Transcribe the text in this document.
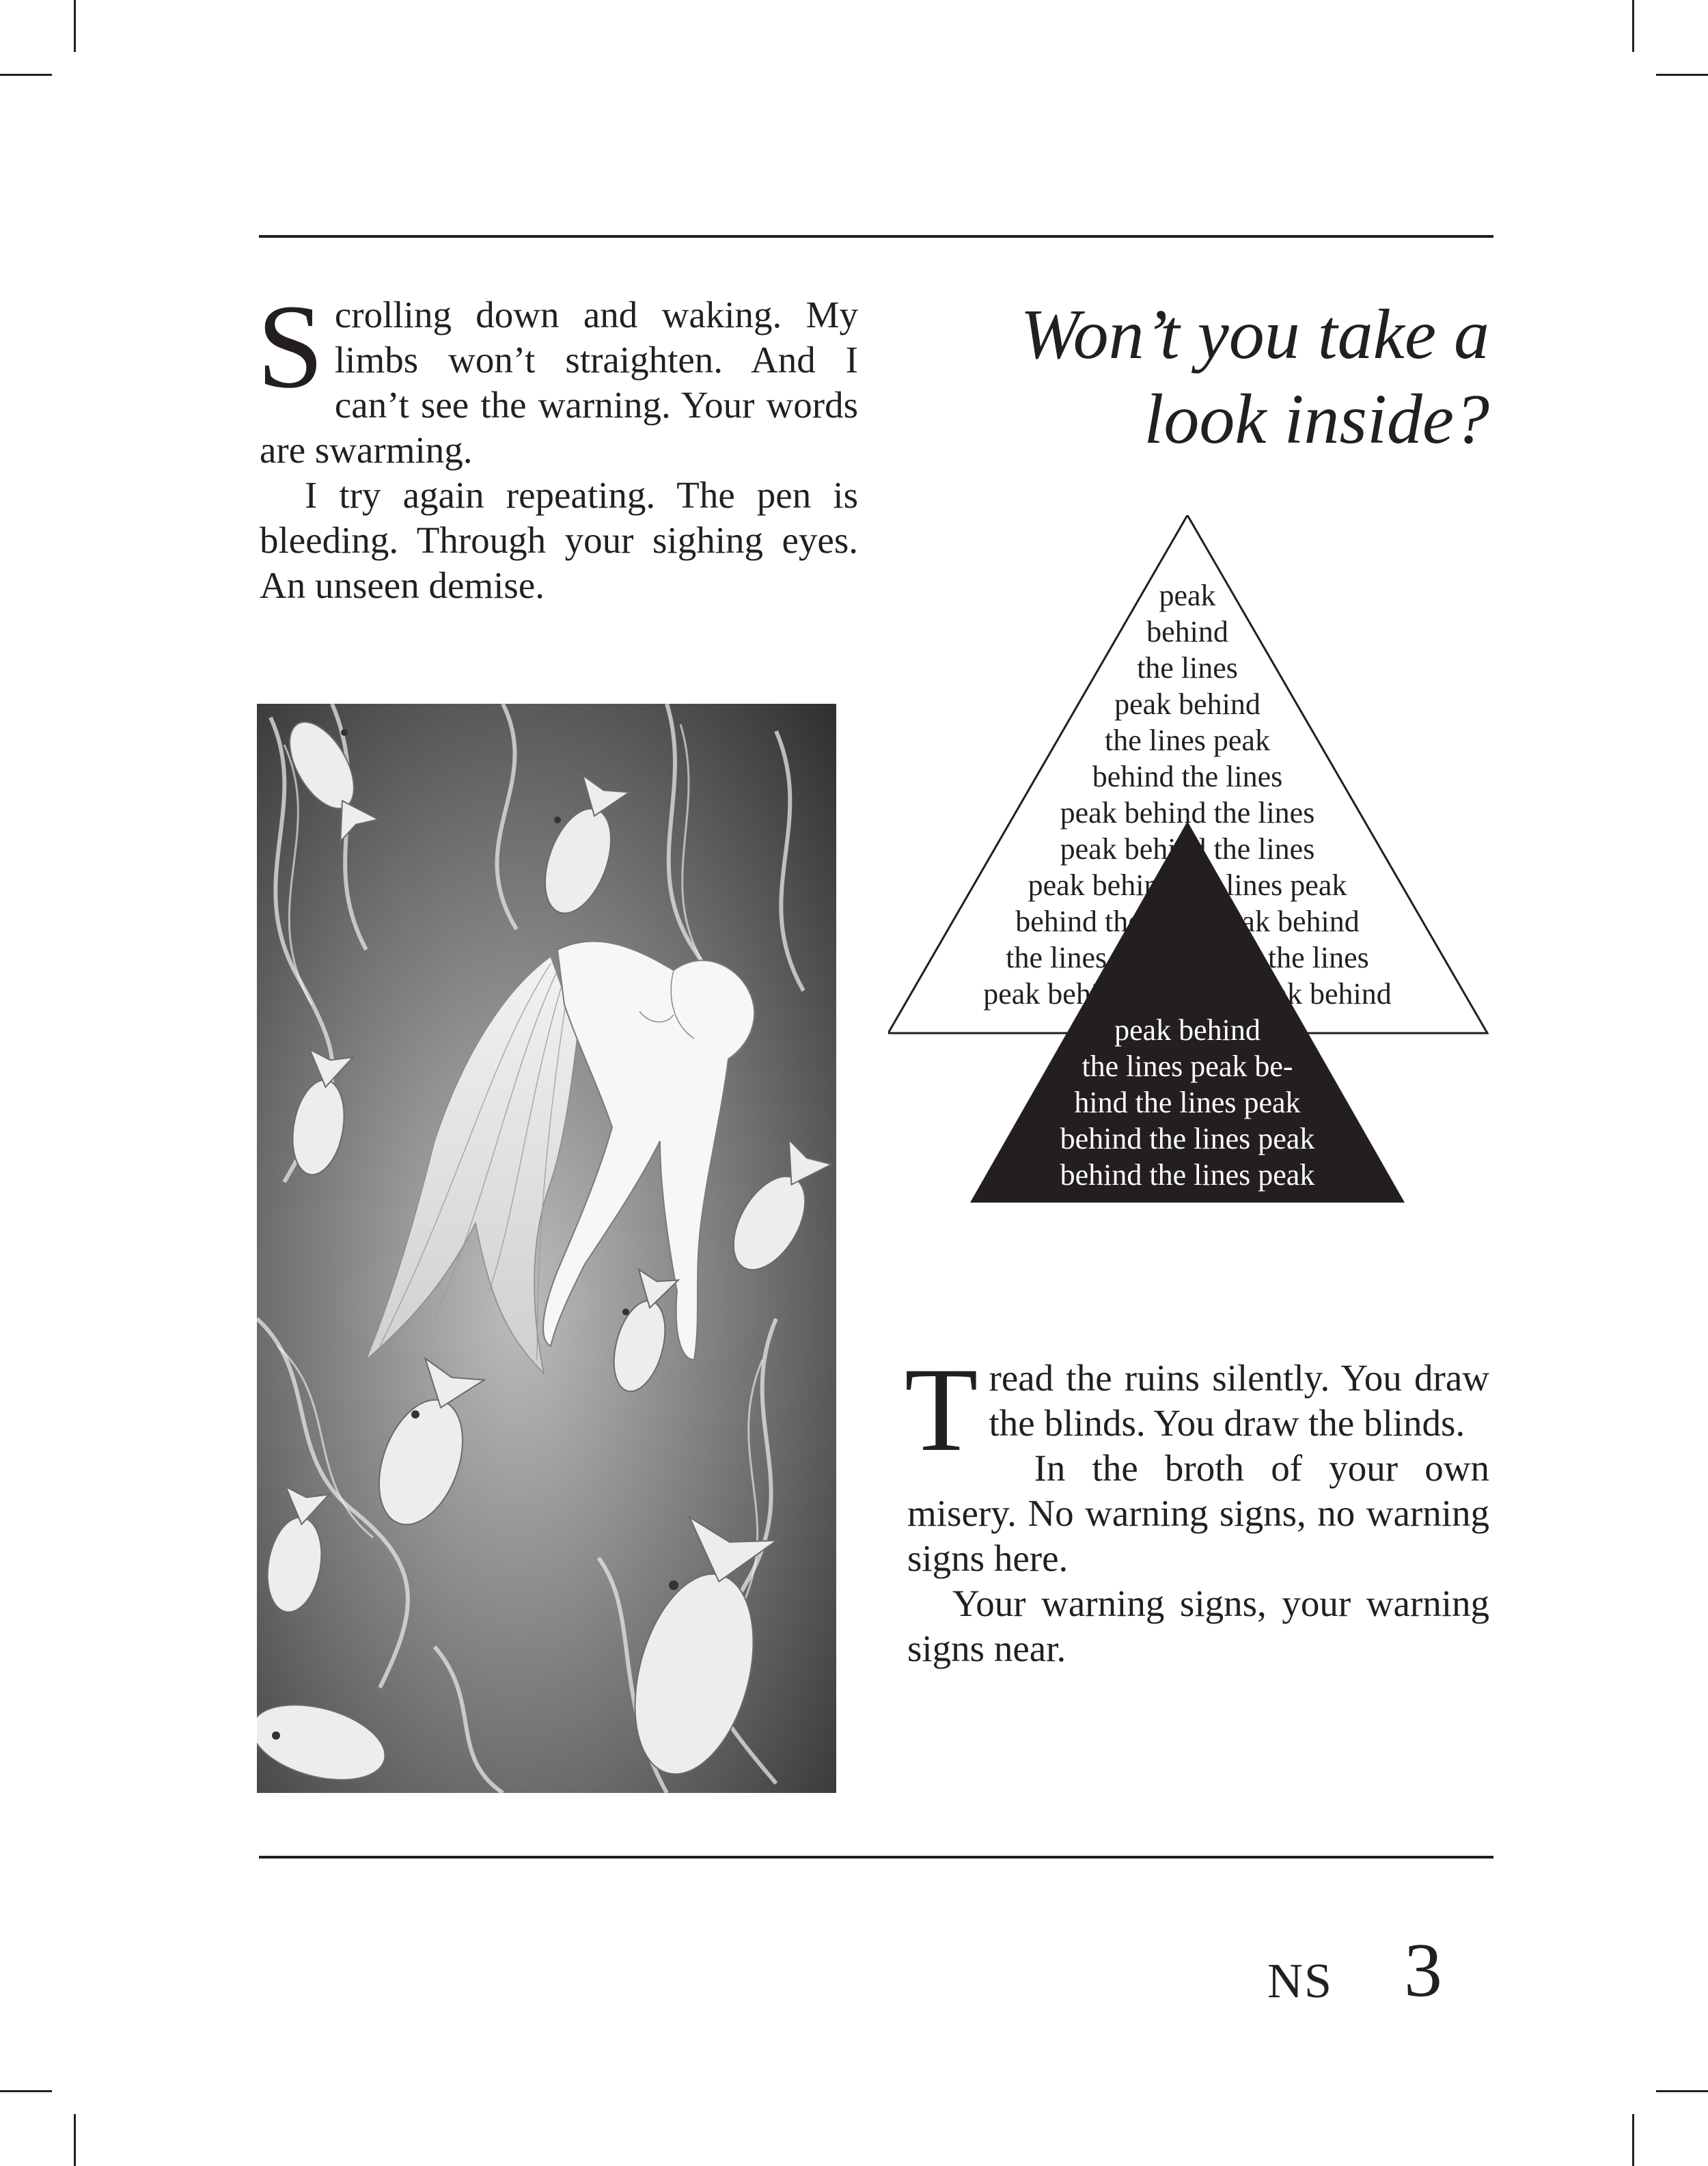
Scrolling down and waking. My limbs won’t straighten. And I can’t see the warning. Your words are swarming.

I try again repeating. The pen is bleeding. Through your sighing eyes. An unseen demise.

Won’t you take a
look inside?
peak
behind
the lines
peak behind
the lines peak
behind the lines
peak behind the lines
peak behind the lines
peak behind the lines peak
behind the lines peak behind
the lines peak behind the lines
peak behind the lines peak behind
peak behind
the lines peak be-
hind the lines peak
behind the lines peak
behind the lines peak

Tread the ruins silently. You draw the blinds. You draw the blinds.

In the broth of your own misery. No warning signs, no warning signs here.

Your warning signs, your warning signs near.

NS 3
